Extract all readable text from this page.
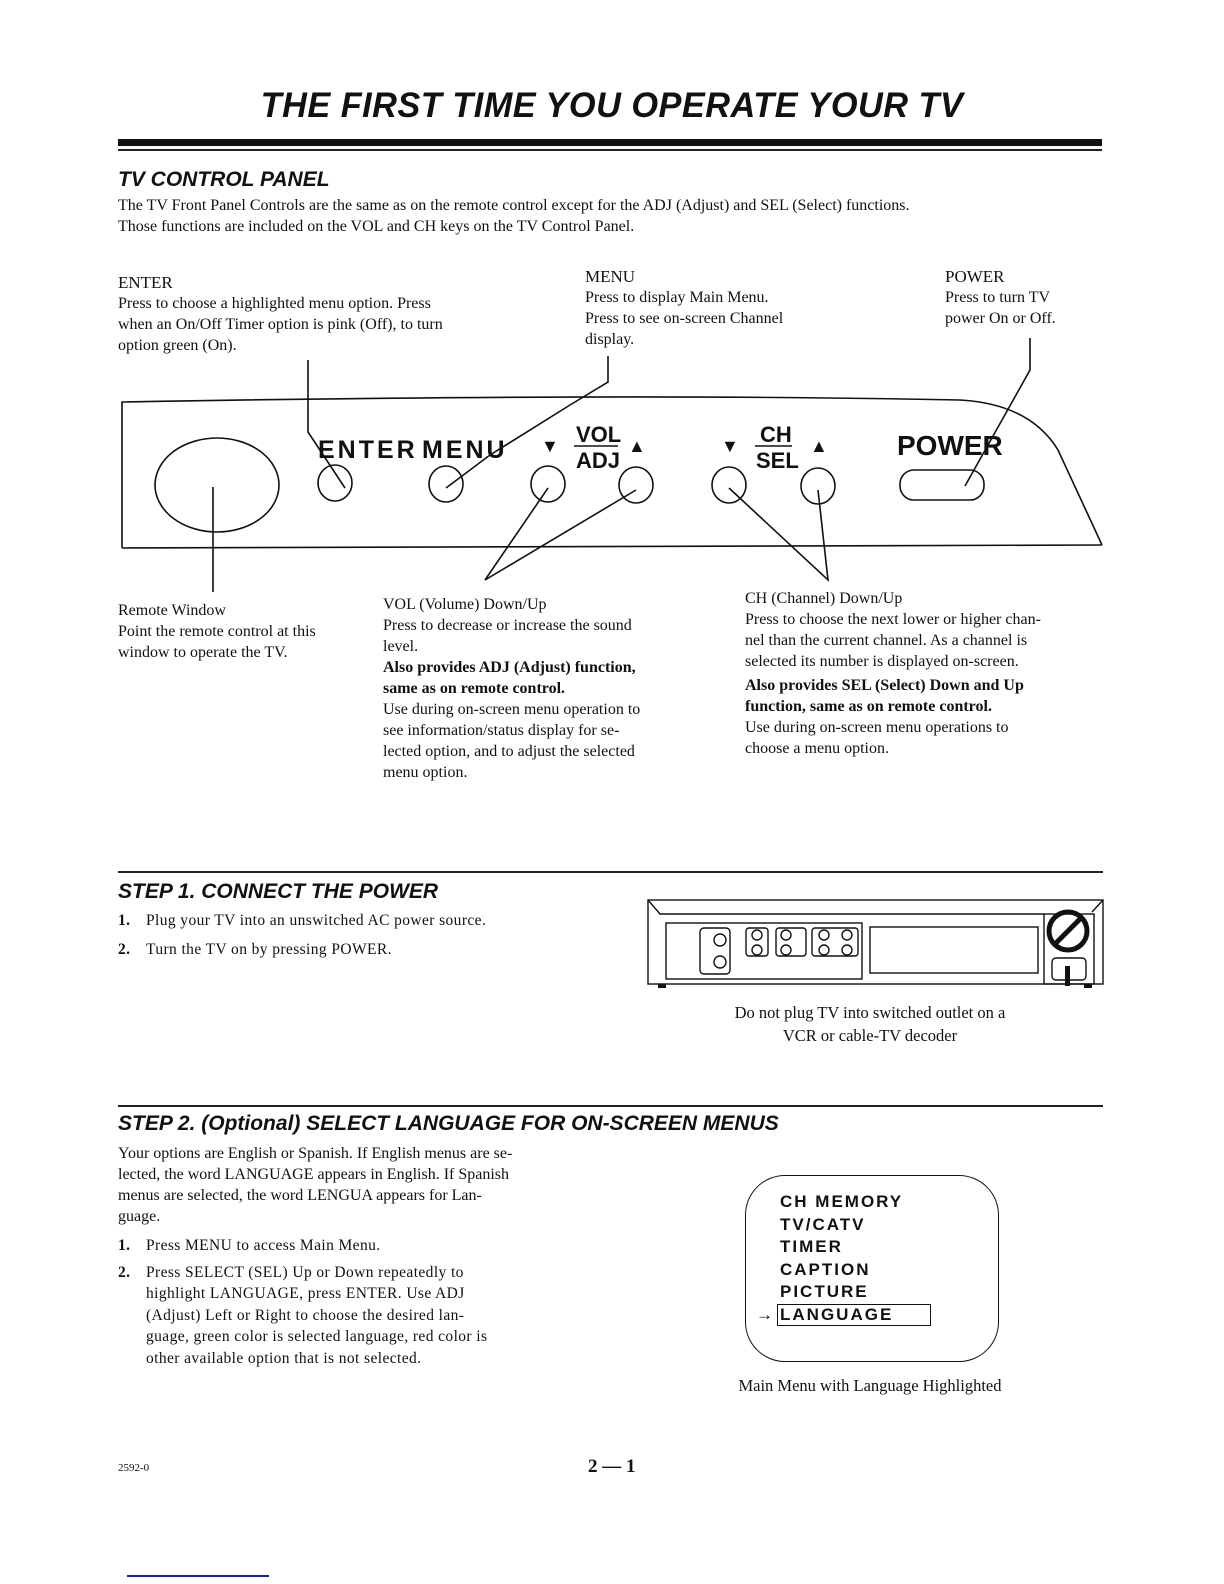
THE FIRST TIME YOU OPERATE YOUR TV
TV CONTROL PANEL
The TV Front Panel Controls are the same as on the remote control except for the ADJ (Adjust) and SEL (Select) functions.
Those functions are included on the VOL and CH keys on the TV Control Panel.
ENTER
Press to choose a highlighted menu option. Press
when an On/Off Timer option is pink (Off), to turn
option green (On).
MENU
Press to display Main Menu.
Press to see on-screen Channel
display.
POWER
Press to turn TV
power On or Off.
ENTER MENU ▼ VOL
ADJ
▲	▼ CH
SEL
▲ POWER
Remote Window
Point the remote control at this
window to operate the TV.
VOL (Volume) Down/Up
Press to decrease or increase the sound
level.
Also provides ADJ (Adjust) function,
same as on remote control.
Use during on-screen menu operation to
see information/status display for se-
lected option, and to adjust the selected
menu option.
CH (Channel) Down/Up
Press to choose the next lower or higher chan-
nel than the current channel. As a channel is
selected its number is displayed on-screen.
Also provides SEL (Select) Down and Up
function, same as on remote control.
Use during on-screen menu operations to
choose a menu option.
STEP 1. CONNECT THE POWER
1.	Plug your TV into an unswitched AC power source.
2.	Turn the TV on by pressing POWER.
Do not plug TV into switched outlet on a
VCR or cable-TV decoder
STEP 2. (Optional) SELECT LANGUAGE FOR ON-SCREEN MENUS
Your options are English or Spanish. If English menus are se-
lected, the word LANGUAGE appears in English. If Spanish
menus are selected, the word LENGUA appears for Lan-
guage.
1.	Press MENU to access Main Menu.
2.	Press SELECT (SEL) Up or Down repeatedly to
highlight LANGUAGE, press ENTER. Use ADJ
(Adjust) Left or Right to choose the desired lan-
guage, green color is selected language, red color is
other available option that is not selected.
CH MEMORY
TV/CATV
TIMER
CAPTION
PICTURE
LANGUAGE
→
Main Menu with Language Highlighted
2592-0	2 — 1
